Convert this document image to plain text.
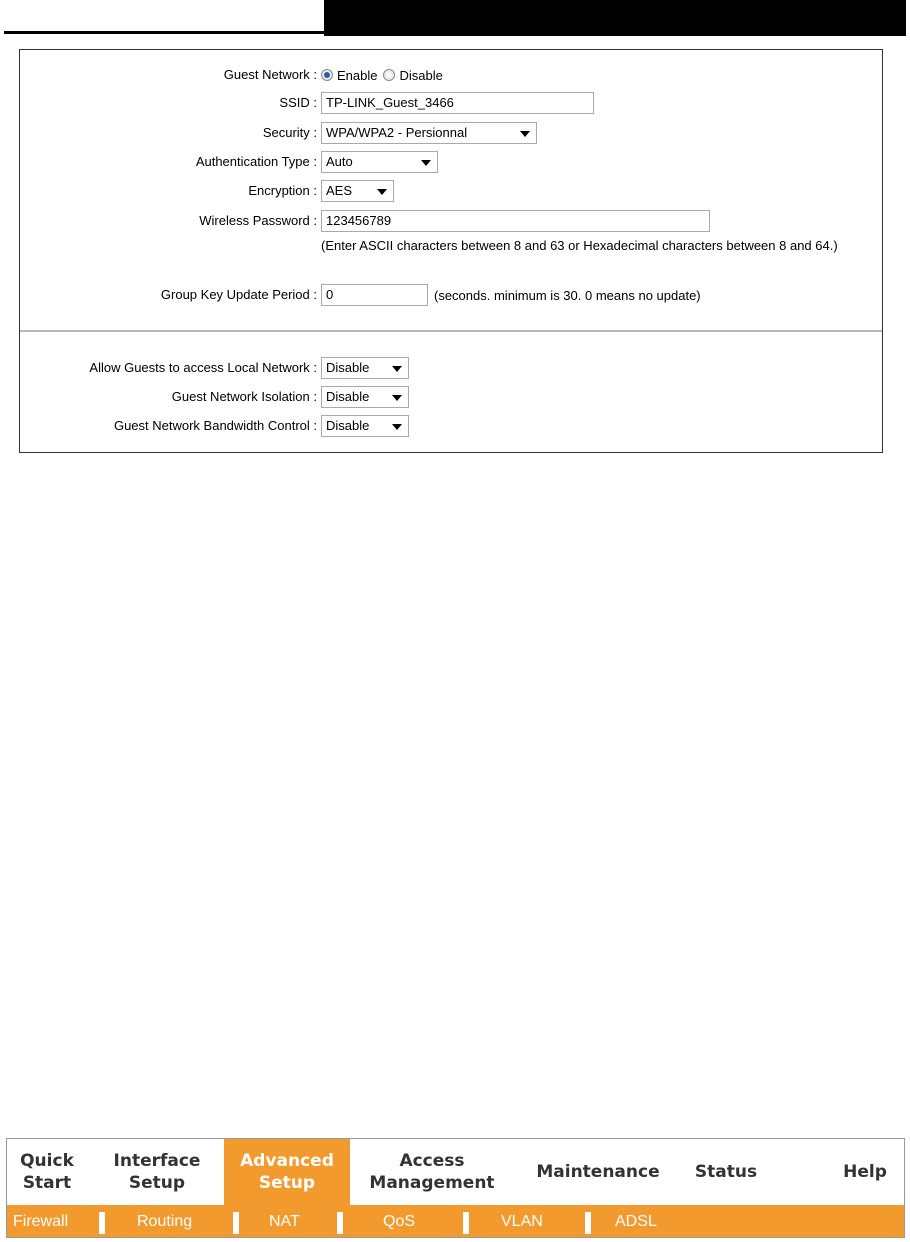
Guest Network : Enable Disable
SSID : TP-LINK_Guest_3466
Security : WPA/WPA2 - Persionnal
Authentication Type : Auto
Encryption : AES
Wireless Password : 123456789
(Enter ASCII characters between 8 and 63 or Hexadecimal characters between 8 and 64.)
Group Key Update Period : 0	(seconds. minimum is 30. 0 means no update)
Allow Guests to access Local Network : Disable
Guest Network Isolation : Disable
Guest Network Bandwidth Control : Disable
Quick
Start
Interface
Setup
Advanced
Setup
Access
Management
Maintenance Status	Help
Firewall	Routing	NAT	QoS	VLAN	ADSL
